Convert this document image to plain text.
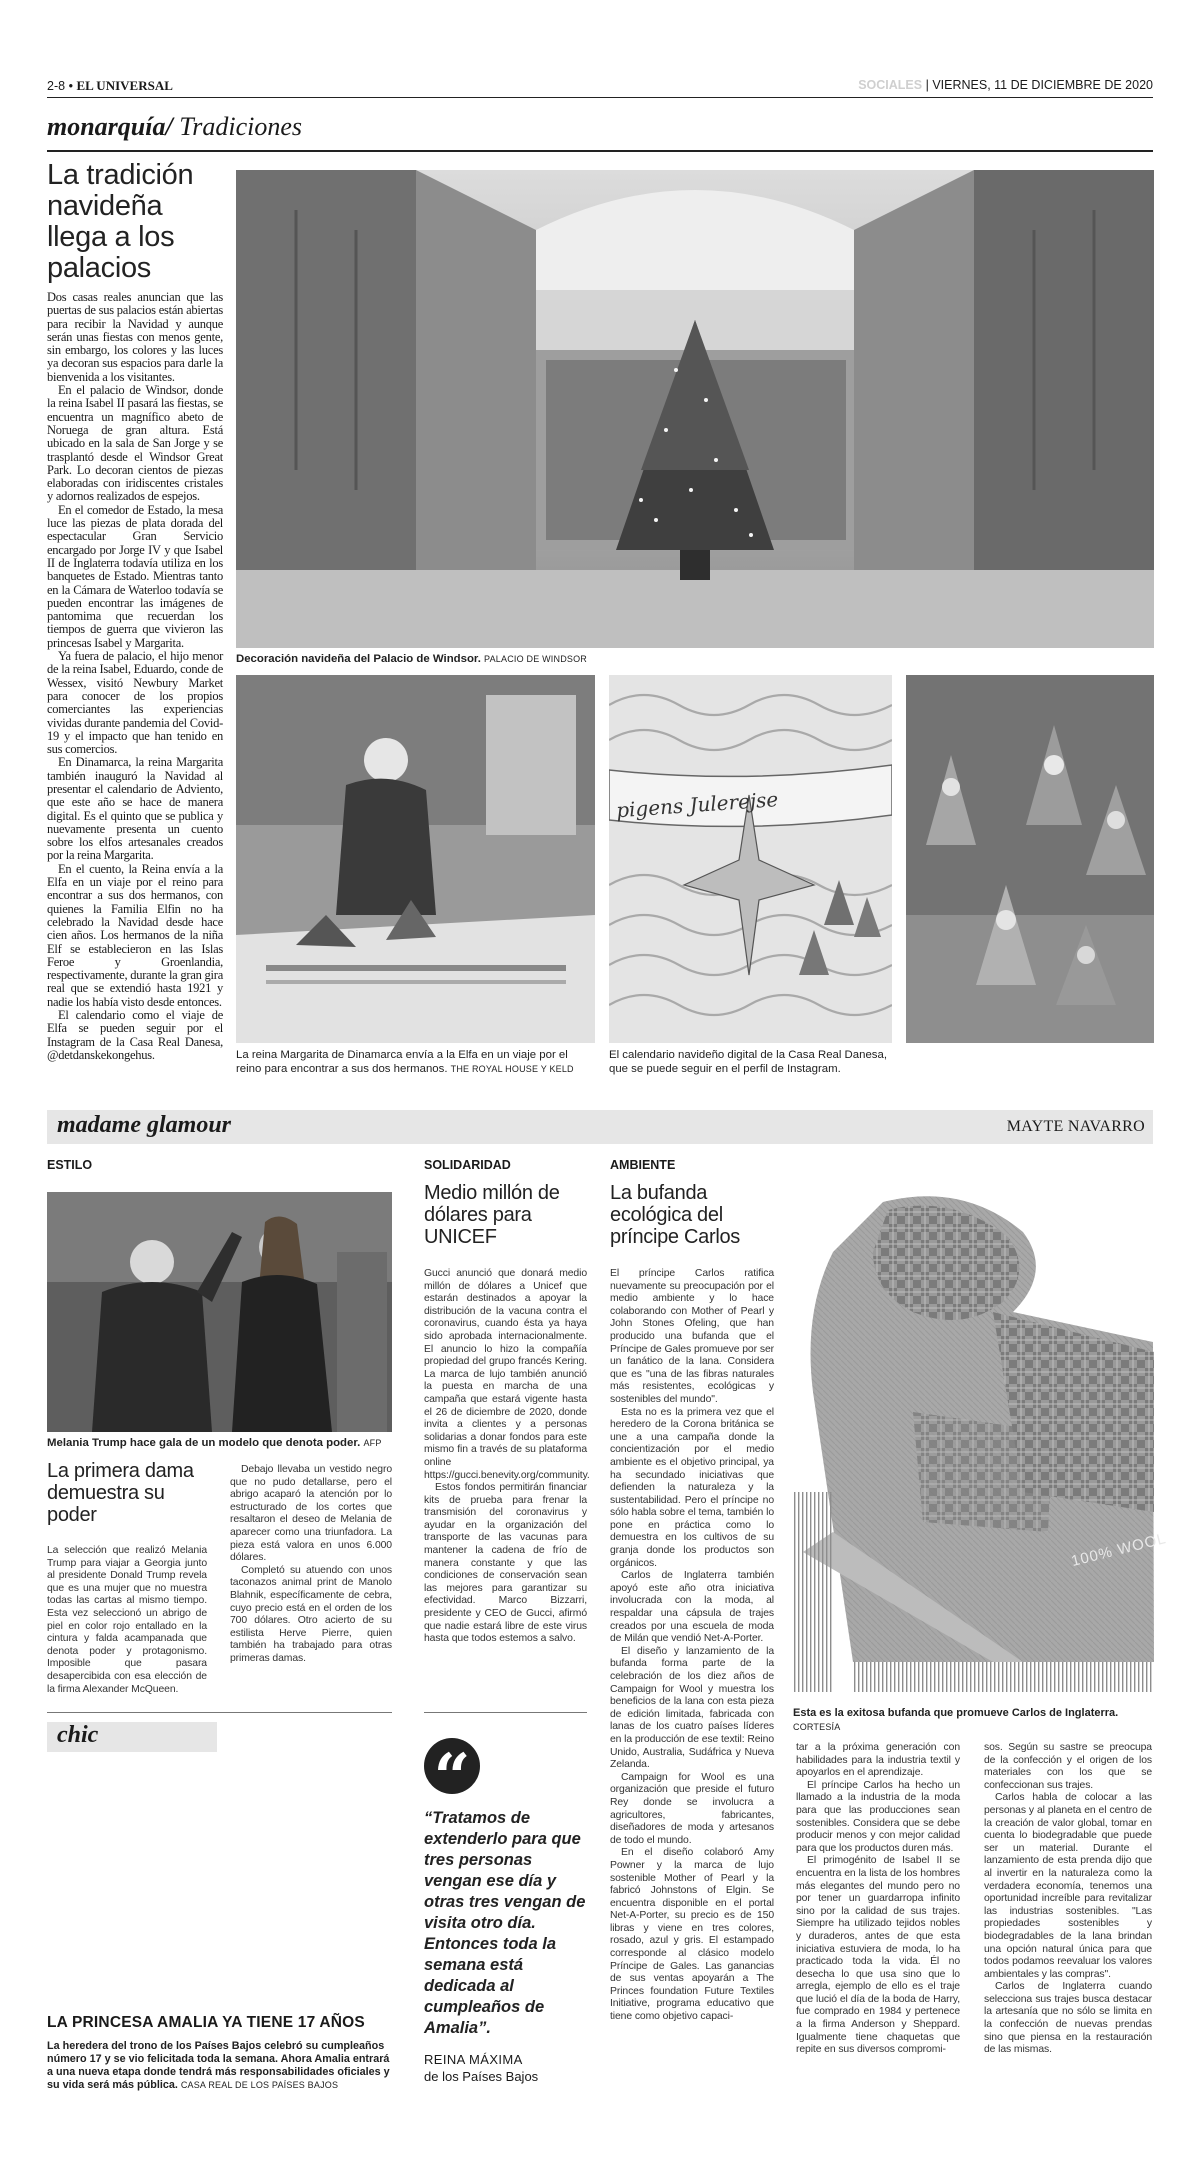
2-8 • EL UNIVERSAL	SOCIALES | VIERNES, 11 DE DICIEMBRE DE 2020
monarquía/ Tradiciones
La tradición navideña llega a los palacios

Dos casas reales anuncian que las puertas de sus palacios están abiertas para recibir la Navidad y aunque serán unas fiestas con menos gente, sin embargo, los colores y las luces ya decoran sus espacios para darle la bienvenida a los visitantes.

En el palacio de Windsor, donde la reina Isabel II pasará las fiestas, se encuentra un magnífico abeto de Noruega de gran altura. Está ubicado en la sala de San Jorge y se trasplantó desde el Windsor Great Park. Lo decoran cientos de piezas elaboradas con iridiscentes cristales y adornos realizados de espejos.

En el comedor de Estado, la mesa luce las piezas de plata dorada del espectacular Gran Servicio encargado por Jorge IV y que Isabel II de Inglaterra todavía utiliza en los banquetes de Estado. Mientras tanto en la Cámara de Waterloo todavía se pueden encontrar las imágenes de pantomima que recuerdan los tiempos de guerra que vivieron las princesas Isabel y Margarita.

Ya fuera de palacio, el hijo menor de la reina Isabel, Eduardo, conde de Wessex, visitó Newbury Market para conocer de los propios comerciantes las experiencias vividas durante pandemia del Covid-19 y el impacto que han tenido en sus comercios.

En Dinamarca, la reina Margarita también inauguró la Navidad al presentar el calendario de Adviento, que este año se hace de manera digital. Es el quinto que se publica y nuevamente presenta un cuento sobre los elfos artesanales creados por la reina Margarita.

En el cuento, la Reina envía a la Elfa en un viaje por el reino para encontrar a sus dos hermanos, con quienes la Familia Elfin no ha celebrado la Navidad desde hace cien años. Los hermanos de la niña Elf se establecieron en las Islas Feroe y Groenlandia, respectivamente, durante la gran gira real que se extendió hasta 1921 y nadie los había visto desde entonces.

El calendario como el viaje de Elfa se pueden seguir por el Instagram de la Casa Real Danesa, @detdanskekongehus.

Decoración navideña del Palacio de Windsor. PALACIO DE WINDSOR
pigens Julerejse
La reina Margarita de Dinamarca envía a la Elfa en un viaje por el reino para encontrar a sus dos hermanos. THE ROYAL HOUSE Y KELD
El calendario navideño digital de la Casa Real Danesa, que se puede seguir en el perfil de Instagram.
madame glamour	MAYTE NAVARRO
ESTILO
Melania Trump hace gala de un modelo que denota poder. AFP
La primera dama demuestra su poder

La selección que realizó Melania Trump para viajar a Georgia junto al presidente Donald Trump revela que es una mujer que no muestra todas las cartas al mismo tiempo. Esta vez seleccionó un abrigo de piel en color rojo entallado en la cintura y falda acampanada que denota poder y protagonismo. Imposible que pasara desapercibida con esa elección de la firma Alexander McQueen.

Debajo llevaba un vestido negro que no pudo detallarse, pero el abrigo acaparó la atención por lo estructurado de los cortes que resaltaron el deseo de Melania de aparecer como una triunfadora. La pieza está valora en unos 6.000 dólares.

Completó su atuendo con unos taconazos animal print de Manolo Blahnik, específicamente de cebra, cuyo precio está en el orden de los 700 dólares. Otro acierto de su estilista Herve Pierre, quien también ha trabajado para otras primeras damas.

SOLIDARIDAD
Medio millón de dólares para UNICEF

Gucci anunció que donará medio millón de dólares a Unicef que estarán destinados a apoyar la distribución de la vacuna contra el coronavirus, cuando ésta ya haya sido aprobada internacionalmente. El anuncio lo hizo la compañía propiedad del grupo francés Kering. La marca de lujo también anunció la puesta en marcha de una campaña que estará vigente hasta el 26 de diciembre de 2020, donde invita a clientes y a personas solidarias a donar fondos para este mismo fin a través de su plataforma online https://gucci.benevity.org/community.

Estos fondos permitirán financiar kits de prueba para frenar la transmisión del coronavirus y ayudar en la organización del transporte de las vacunas para mantener la cadena de frío de manera constante y que las condiciones de conservación sean las mejores para garantizar su efectividad. Marco Bizzarri, presidente y CEO de Gucci, afirmó que nadie estará libre de este virus hasta que todos estemos a salvo.

AMBIENTE
La bufanda ecológica del príncipe Carlos

El príncipe Carlos ratifica nuevamente su preocupación por el medio ambiente y lo hace colaborando con Mother of Pearl y John Stones Ofeling, que han producido una bufanda que el Príncipe de Gales promueve por ser un fanático de la lana. Considera que es "una de las fibras naturales más resistentes, ecológicas y sostenibles del mundo".

Esta no es la primera vez que el heredero de la Corona británica se une a una campaña donde la concientización por el medio ambiente es el objetivo principal, ya ha secundado iniciativas que defienden la naturaleza y la sustentabilidad. Pero el príncipe no sólo habla sobre el tema, también lo pone en práctica como lo demuestra en los cultivos de su granja donde los productos son orgánicos.

Carlos de Inglaterra también apoyó este año otra iniciativa involucrada con la moda, al respaldar una cápsula de trajes creados por una escuela de moda de Milán que vendió Net-A-Porter.

El diseño y lanzamiento de la bufanda forma parte de la celebración de los diez años de Campaign for Wool y muestra los beneficios de la lana con esta pieza de edición limitada, fabricada con lanas de los cuatro países líderes en la producción de ese textil: Reino Unido, Australia, Sudáfrica y Nueva Zelanda.

Campaign for Wool es una organización que preside el futuro Rey donde se involucra a agricultores, fabricantes, diseñadores de moda y artesanos de todo el mundo.

En el diseño colaboró Amy Powner y la marca de lujo sostenible Mother of Pearl y la fabricó Johnstons of Elgin. Se encuentra disponible en el portal Net-A-Porter, su precio es de 150 libras y viene en tres colores, rosado, azul y gris. El estampado corresponde al clásico modelo Príncipe de Gales. Las ganancias de sus ventas apoyarán a The Princes foundation Future Textiles Initiative, programa educativo que tiene como objetivo capaci-

tar a la próxima generación con habilidades para la industria textil y apoyarlos en el aprendizaje.

El príncipe Carlos ha hecho un llamado a la industria de la moda para que las producciones sean sostenibles. Considera que se debe producir menos y con mejor calidad para que los productos duren más.

El primogénito de Isabel II se encuentra en la lista de los hombres más elegantes del mundo pero no por tener un guardarropa infinito sino por la calidad de sus trajes. Siempre ha utilizado tejidos nobles y duraderos, antes de que esta iniciativa estuviera de moda, lo ha practicado toda la vida. Él no desecha lo que usa sino que lo arregla, ejemplo de ello es el traje que lució el día de la boda de Harry, fue comprado en 1984 y pertenece a la firma Anderson y Sheppard. Igualmente tiene chaquetas que repite en sus diversos compromi-

sos. Según su sastre se preocupa de la confección y el origen de los materiales con los que se confeccionan sus trajes.

Carlos habla de colocar a las personas y al planeta en el centro de la creación de valor global, tomar en cuenta lo biodegradable que puede ser un material. Durante el lanzamiento de esta prenda dijo que al invertir en la naturaleza como la verdadera economía, tenemos una oportunidad increíble para revitalizar las industrias sostenibles. "Las propiedades sostenibles y biodegradables de la lana brindan una opción natural única para que todos podamos reevaluar los valores ambientales y las compras".

Carlos de Inglaterra cuando selecciona sus trajes busca destacar la artesanía que no sólo se limita en la confección de nuevas prendas sino que piensa en la restauración de las mismas.

100% WOOL
Esta es la exitosa bufanda que promueve Carlos de Inglaterra.
CORTESÍA
chic
LA PRINCESA AMALIA YA TIENE 17 AÑOS
La heredera del trono de los Países Bajos celebró su cumpleaños número 17 y se vio felicitada toda la semana. Ahora Amalia entrará a una nueva etapa donde tendrá más responsabilidades oficiales y su vida será más pública. CASA REAL DE LOS PAÍSES BAJOS
“
“Tratamos de extenderlo para que tres personas vengan ese día y otras tres vengan de visita otro día. Entonces toda la semana está dedicada al cumpleaños de Amalia”.
REINA MÁXIMA
de los Países Bajos
